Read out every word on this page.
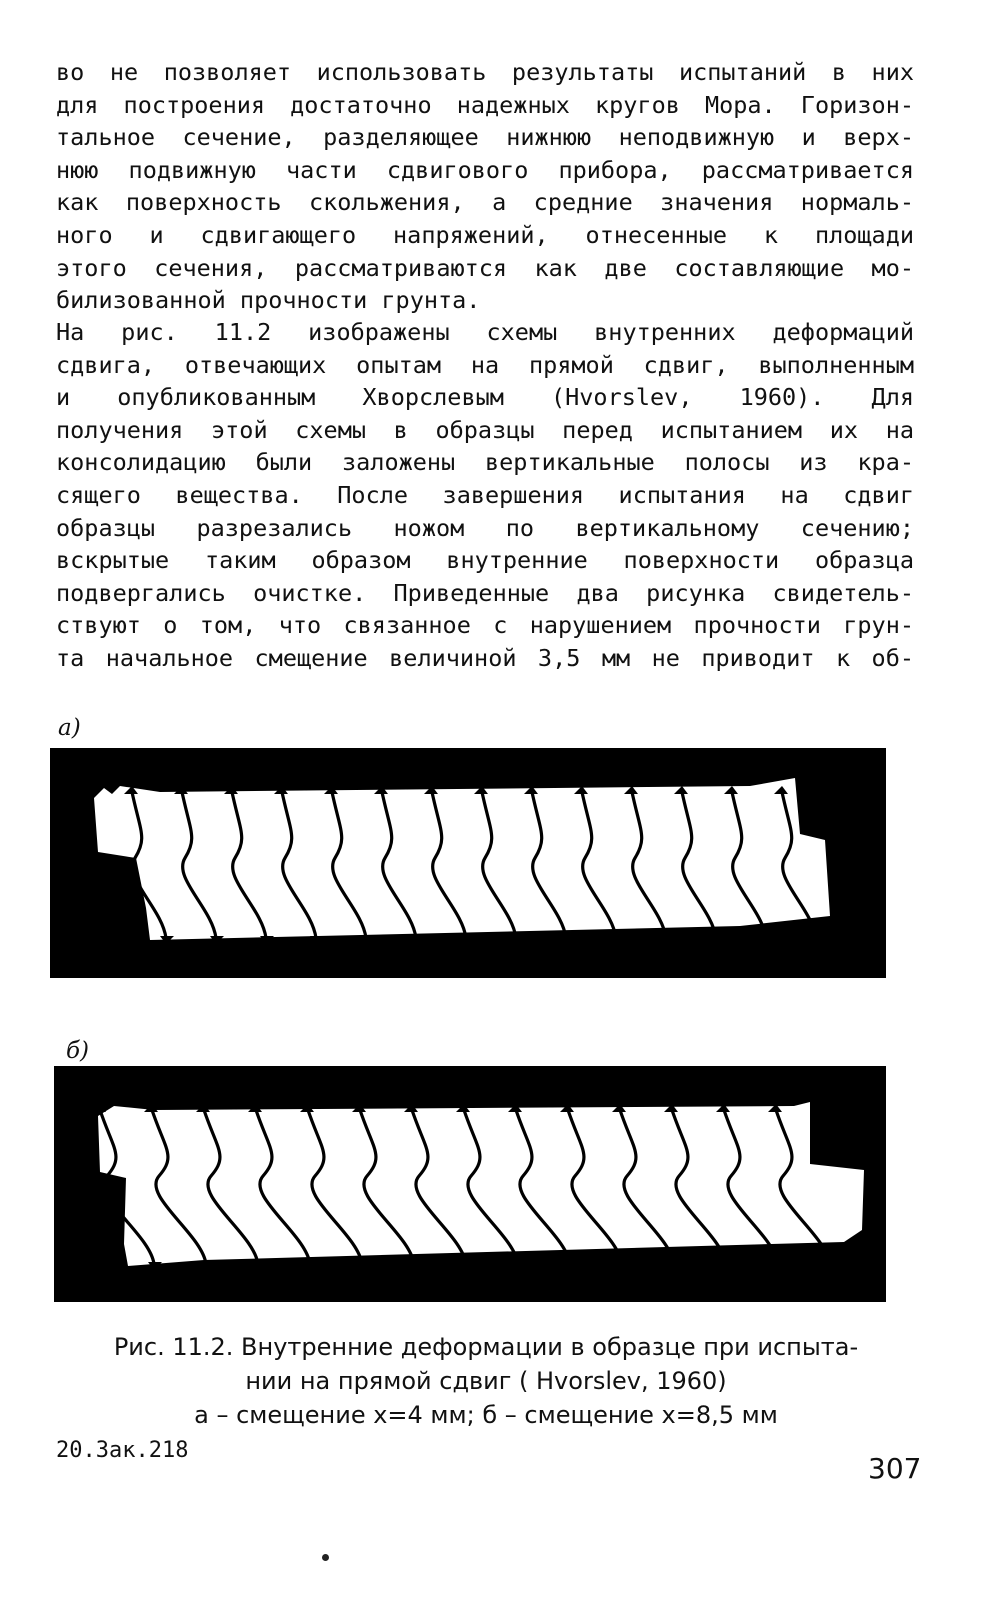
во не позволяет использовать результаты испытаний в них
для построения достаточно надежных кругов Мора. Горизон-
тальное сечение, разделяющее нижнюю неподвижную и верх-
нюю подвижную части сдвигового прибора, рассматривается
как поверхность скольжения, а средние значения нормаль-
ного и сдвигающего напряжений, отнесенные к площади
этого сечения, рассматриваются как две составляющие мо-
билизованной прочности грунта.
На рис. 11.2 изображены схемы внутренних деформаций
сдвига, отвечающих опытам на прямой сдвиг, выполненным
и опубликованным Хворслевым (Hvorslev, 1960). Для
получения этой схемы в образцы перед испытанием их на
консолидацию были заложены вертикальные полосы из кра-
сящего вещества. После завершения испытания на сдвиг
образцы разрезались ножом по вертикальному сечению;
вскрытые таким образом внутренние поверхности образца
подвергались очистке. Приведенные два рисунка свидетель-
ствуют о том, что связанное с нарушением прочности грун-
та начальное смещение величиной 3,5 мм не приводит к об-
а)
б)
Рис. 11.2. Внутренние деформации в образце при испыта-
нии на прямой сдвиг ( Hvorslev, 1960)
а – смещение x=4 мм; б – смещение x=8,5 мм
20.Зак.218
307
